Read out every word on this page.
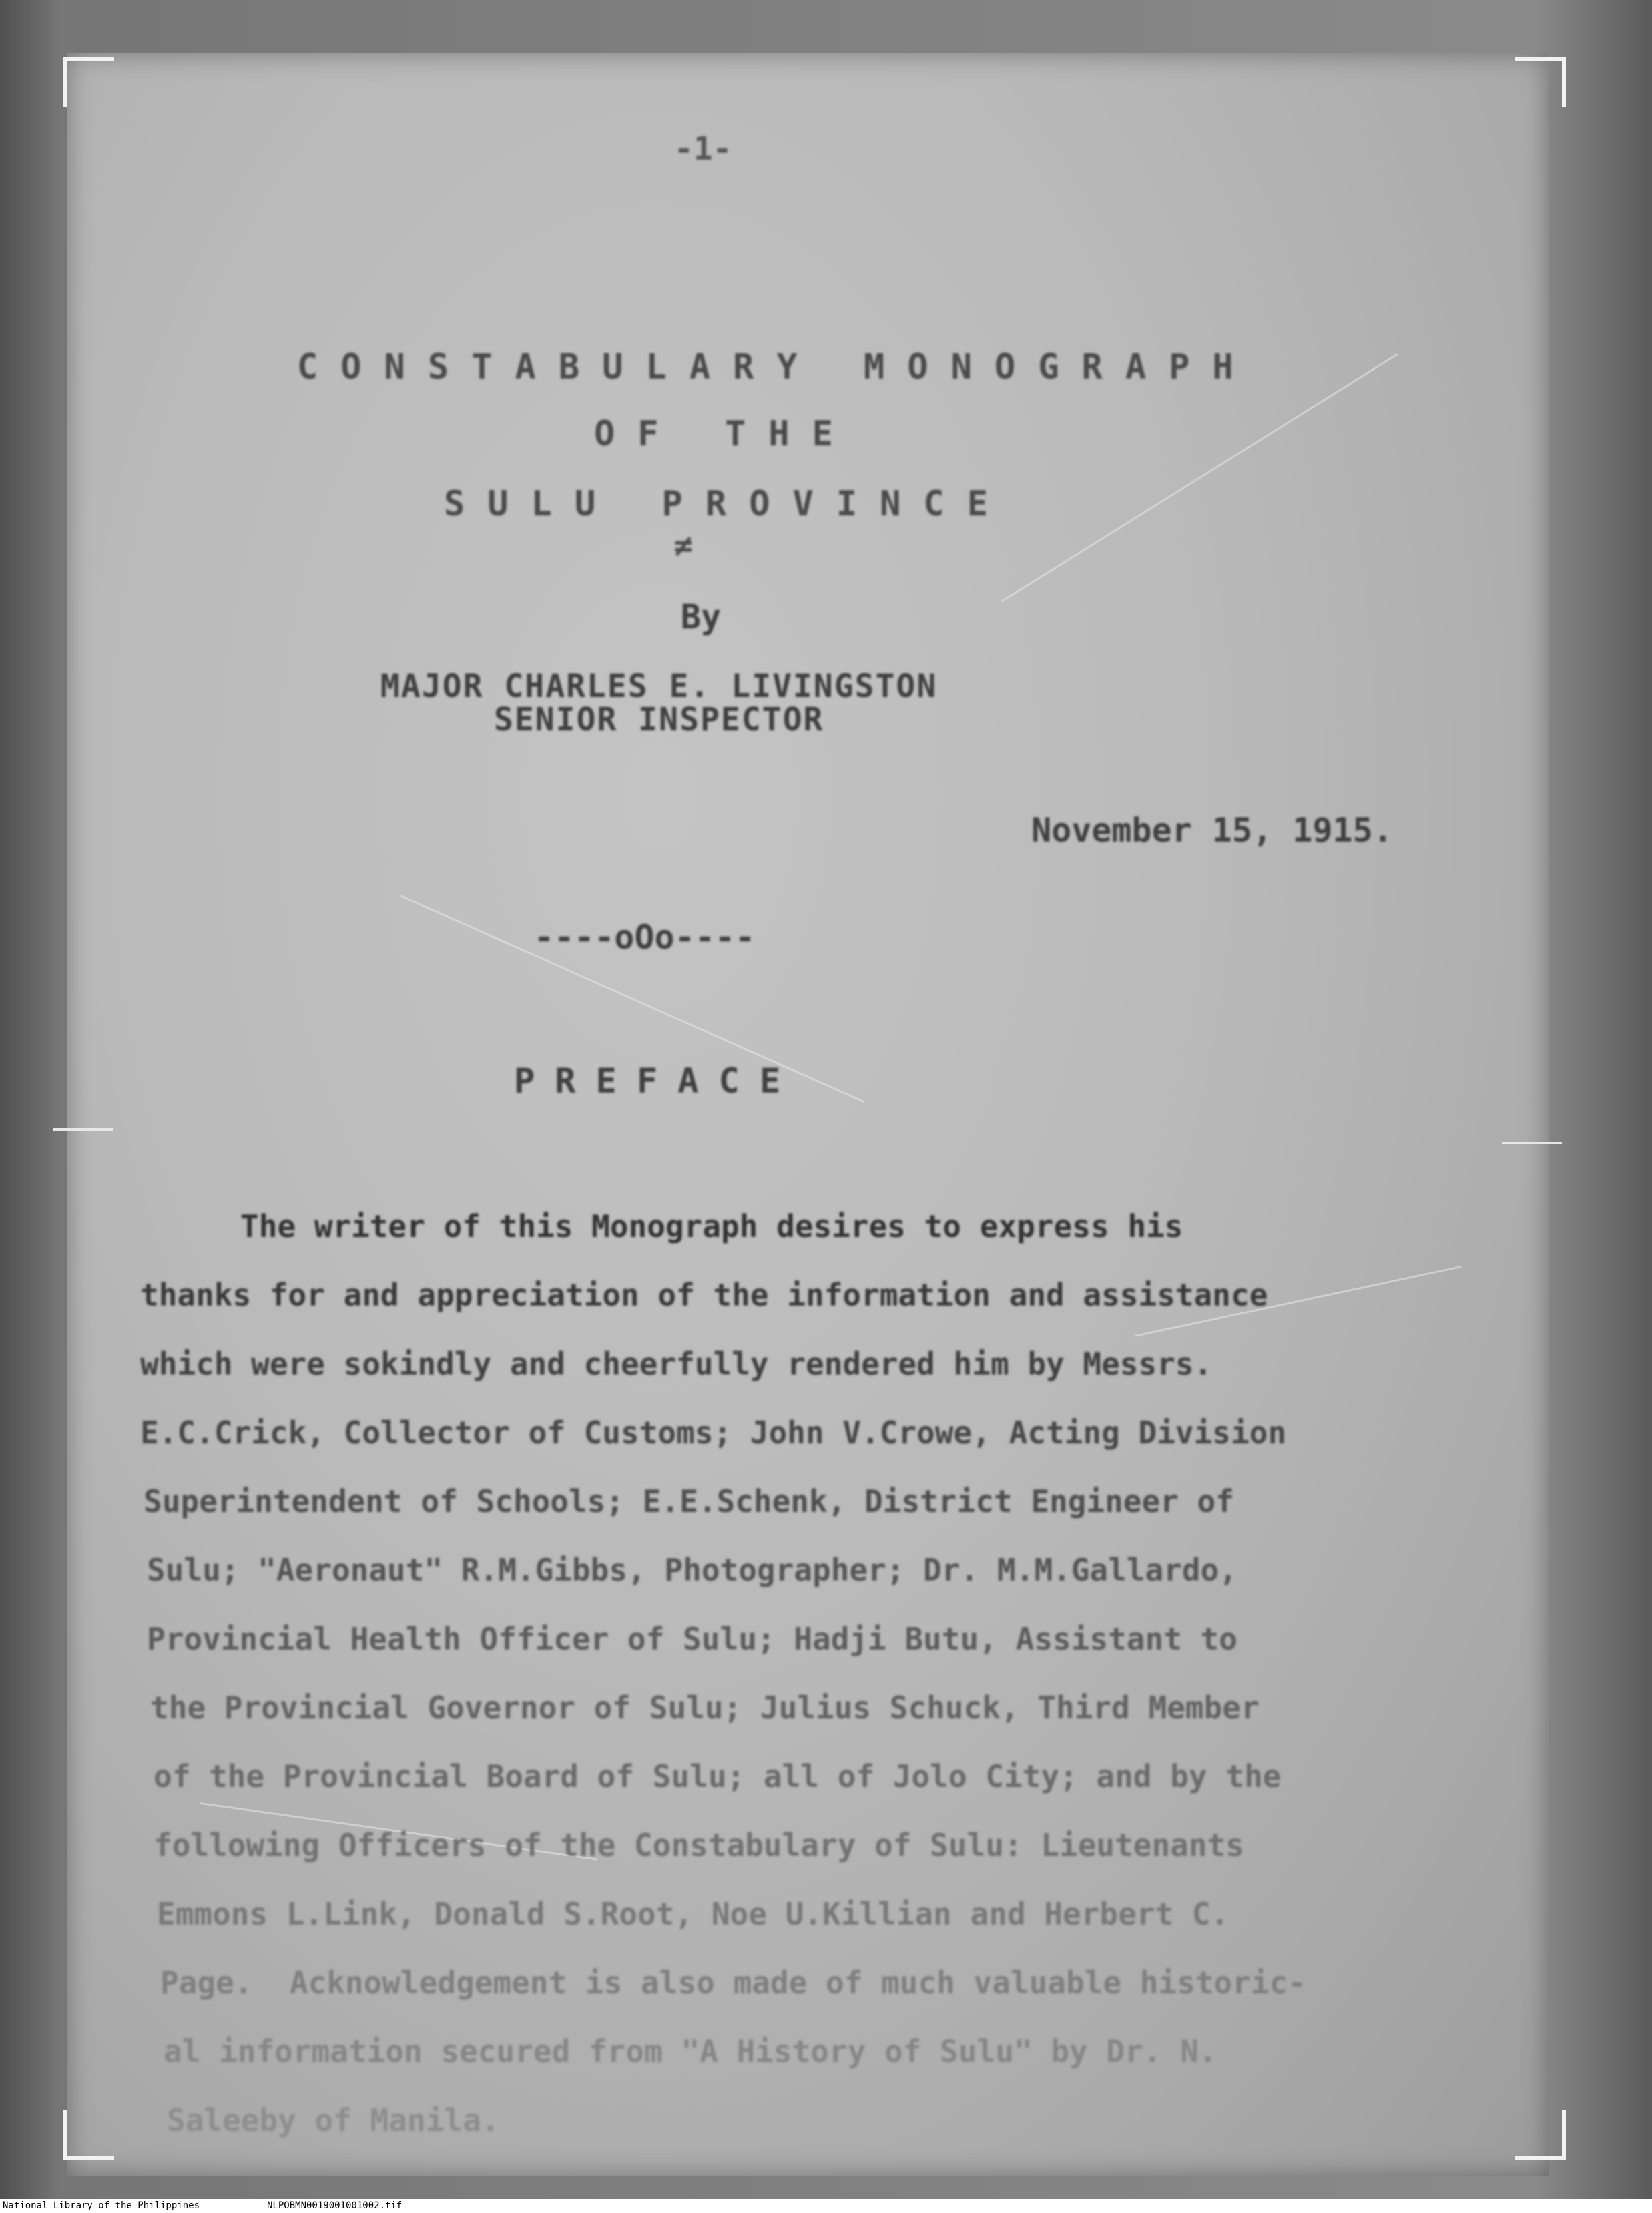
-1-
CONSTABULARY MONOGRAPH
OF THE
SULU PROVINCE
≠
By
MAJOR CHARLES E. LIVINGSTON
SENIOR INSPECTOR
November 15, 1915.
----oOo----
PREFACE
The writer of this Monograph desires to express his
thanks for and appreciation of the information and assistance
which were sokindly and cheerfully rendered him by Messrs.
E.C.Crick, Collector of Customs; John V.Crowe, Acting Division
Superintendent of Schools; E.E.Schenk, District Engineer of
Sulu; "Aeronaut" R.M.Gibbs, Photographer; Dr. M.M.Gallardo,
Provincial Health Officer of Sulu; Hadji Butu, Assistant to
the Provincial Governor of Sulu; Julius Schuck, Third Member
of the Provincial Board of Sulu; all of Jolo City; and by the
following Officers of the Constabulary of Sulu: Lieutenants
Emmons L.Link, Donald S.Root, Noe U.Killian and Herbert C.
Page.  Acknowledgement is also made of much valuable historic-
al information secured from "A History of Sulu" by Dr. N.
Saleeby of Manila.
National Library of the Philippines	NLPOBMN0019001001002.tif
